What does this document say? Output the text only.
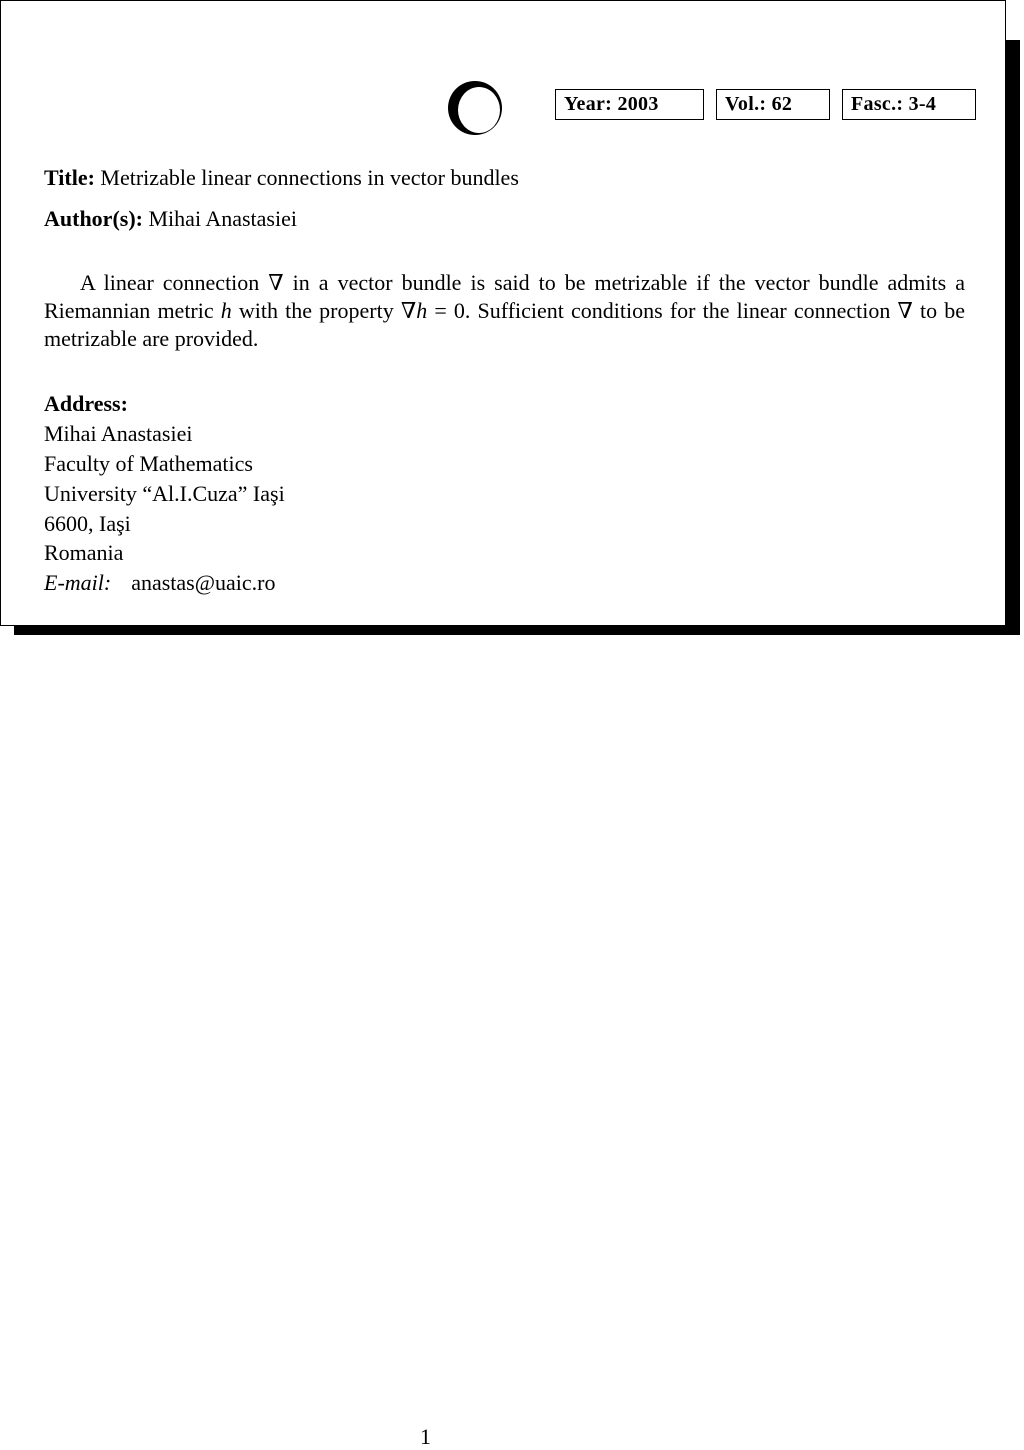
Year: 2003	Vol.: 62	Fasc.: 3-4
Title: Metrizable linear connections in vector bundles
Author(s): Mihai Anastasiei
A linear connection ∇ in a vector bundle is said to be metrizable if the vector bundle admits a Riemannian metric h with the property ∇h = 0. Sufficient conditions for the linear connection ∇ to be metrizable are provided.
Address:
Mihai Anastasiei
Faculty of Mathematics
University “Al.I.Cuza” Iaşi
6600, Iaşi
Romania
E-mail: anastas@uaic.ro
1
